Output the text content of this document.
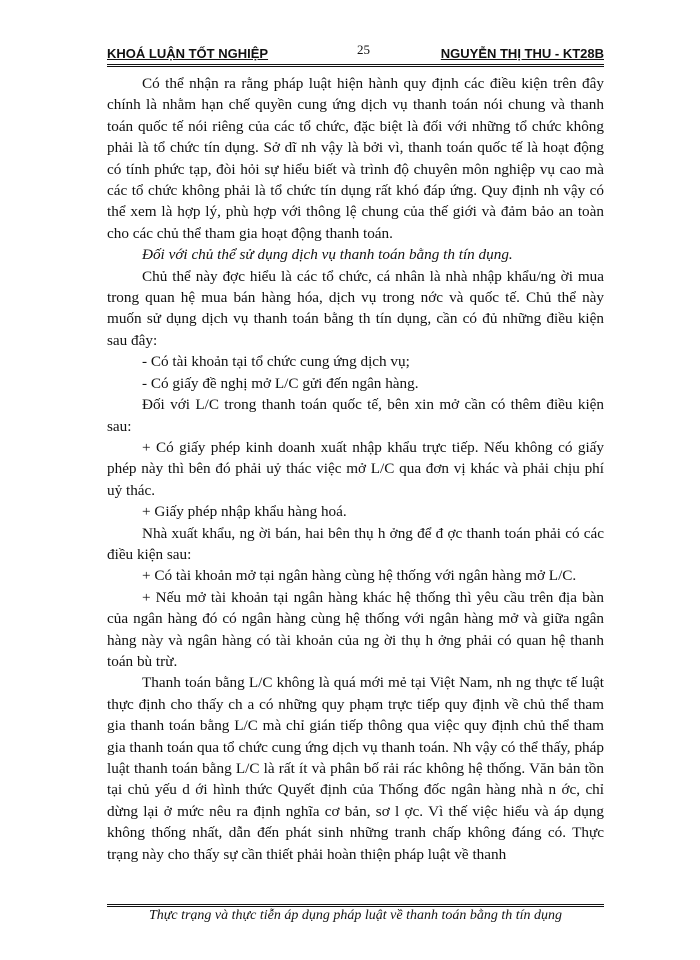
KHOÁ LUẬN TỐT NGHIỆP	25	NGUYỄN THỊ THU - KT28B

Có thể nhận ra rằng pháp luật hiện hành quy định các điều kiện trên đây chính là nhằm hạn chế quyền cung ứng dịch vụ thanh toán nói chung và thanh toán quốc tế nói riêng của các tổ chức, đặc biệt là đối với những tổ chức không phải là tổ chức tín dụng. Sở dĩ nh vậy là bởi vì, thanh toán quốc tế là hoạt động có tính phức tạp, đòi hỏi sự hiểu biết và trình độ chuyên môn nghiệp vụ cao mà các tổ chức không phải là tổ chức tín dụng rất khó đáp ứng. Quy định nh vậy có thể xem là hợp lý, phù hợp với thông lệ chung của thế giới và đảm bảo an toàn cho các chủ thể tham gia hoạt động thanh toán.

Đối với chủ thể sử dụng dịch vụ thanh toán bằng th tín dụng.

Chủ thể này đợc hiểu là các tổ chức, cá nhân là nhà nhập khẩu/ng ời mua trong quan hệ mua bán hàng hóa, dịch vụ trong nớc và quốc tế. Chủ thể này muốn sử dụng dịch vụ thanh toán bằng th tín dụng, cần có đủ những điều kiện sau đây:

- Có tài khoản tại tổ chức cung ứng dịch vụ;

- Có giấy đề nghị mở L/C gửi đến ngân hàng.

Đối với L/C trong thanh toán quốc tế, bên xin mở cần có thêm điều kiện sau:

+ Có giấy phép kinh doanh xuất nhập khẩu trực tiếp. Nếu không có giấy phép này thì bên đó phải uỷ thác việc mở L/C qua đơn vị khác và phải chịu phí uỷ thác.

+ Giấy phép nhập khẩu hàng hoá.

Nhà xuất khẩu, ng ời bán, hai bên thụ h ởng để đ ợc thanh toán phải có các điều kiện sau:

+ Có tài khoản mở tại ngân hàng cùng hệ thống với ngân hàng mở L/C.

+ Nếu mở tài khoản tại ngân hàng khác hệ thống thì yêu cầu trên địa bàn của ngân hàng đó có ngân hàng cùng hệ thống với ngân hàng mở và giữa ngân hàng này và ngân hàng có tài khoản của ng ời thụ h ởng phải có quan hệ thanh toán bù trừ.

Thanh toán bằng L/C không là quá mới mẻ tại Việt Nam, nh ng thực tế luật thực định cho thấy ch a có những quy phạm trực tiếp quy định về chủ thể tham gia thanh toán bằng L/C mà chỉ gián tiếp thông qua việc quy định chủ thể tham gia thanh toán qua tổ chức cung ứng dịch vụ thanh toán. Nh vậy có thể thấy, pháp luật thanh toán bằng L/C là rất ít và phân bố rải rác không hệ thống. Văn bản tồn tại chủ yếu d ới hình thức Quyết định của Thống đốc ngân hàng nhà n ớc, chỉ dừng lại ở mức nêu ra định nghĩa cơ bản, sơ l ợc. Vì thế việc hiểu và áp dụng không thống nhất, dẫn đến phát sinh những tranh chấp không đáng có. Thực trạng này cho thấy sự cần thiết phải hoàn thiện pháp luật về thanh

Thực trạng và thực tiễn áp dụng pháp luật về thanh toán bằng th tín dụng
